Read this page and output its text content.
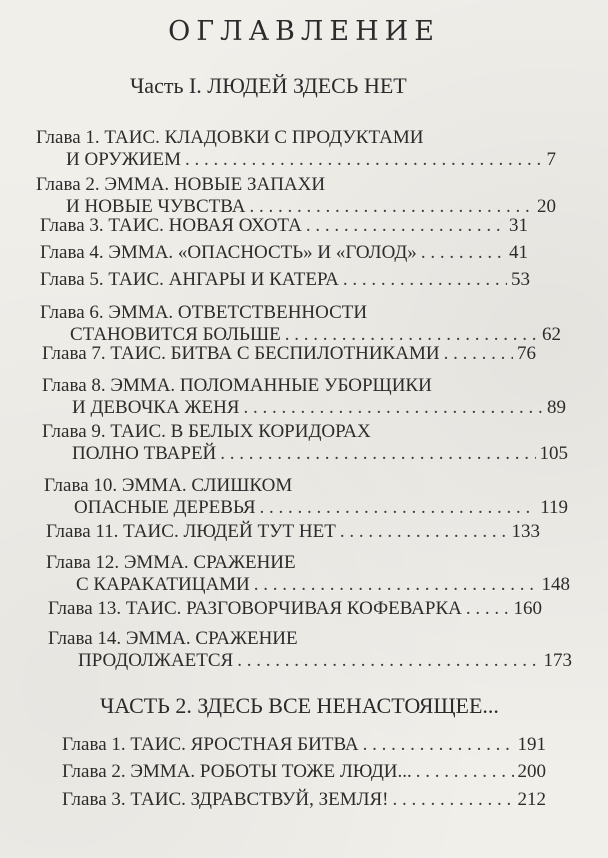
ОГЛАВЛЕНИЕ
Часть I. ЛЮДЕЙ ЗДЕСЬ НЕТ
Глава 1. ТАИС. КЛАДОВКИ С ПРОДУКТАМИ
И ОРУЖИЕМ . . .	7
Глава 2. ЭММА. НОВЫЕ ЗАПАХИ
И НОВЫЕ ЧУВСТВА . . .	20
Глава 3. ТАИС. НОВАЯ ОХОТА . . .	31
Глава 4. ЭММА. «ОПАСНОСТЬ» И «ГОЛОД» . . .	41
Глава 5. ТАИС. АНГАРЫ И КАТЕРА . . .	53
Глава 6. ЭММА. ОТВЕТСТВЕННОСТИ
СТАНОВИТСЯ БОЛЬШЕ . . .	62
Глава 7. ТАИС. БИТВА С БЕСПИЛОТНИКАМИ . . .	76
Глава 8. ЭММА. ПОЛОМАННЫЕ УБОРЩИКИ
И ДЕВОЧКА ЖЕНЯ . . .	89
Глава 9. ТАИС. В БЕЛЫХ КОРИДОРАХ
ПОЛНО ТВАРЕЙ . . .	105
Глава 10. ЭММА. СЛИШКОМ
ОПАСНЫЕ ДЕРЕВЬЯ . . .	119
Глава 11. ТАИС. ЛЮДЕЙ ТУТ НЕТ . . .	133
Глава 12. ЭММА. СРАЖЕНИЕ
С КАРАКАТИЦАМИ . . .	148
Глава 13. ТАИС. РАЗГОВОРЧИВАЯ КОФЕВАРКА . . .	160
Глава 14. ЭММА. СРАЖЕНИЕ
ПРОДОЛЖАЕТСЯ . . .	173
ЧАСТЬ 2. ЗДЕСЬ ВСЕ НЕНАСТОЯЩЕЕ...
Глава 1. ТАИС. ЯРОСТНАЯ БИТВА . . .	191
Глава 2. ЭММА. РОБОТЫ ТОЖЕ ЛЮДИ... . . .	200
Глава 3. ТАИС. ЗДРАВСТВУЙ, ЗЕМЛЯ! . . .	212
